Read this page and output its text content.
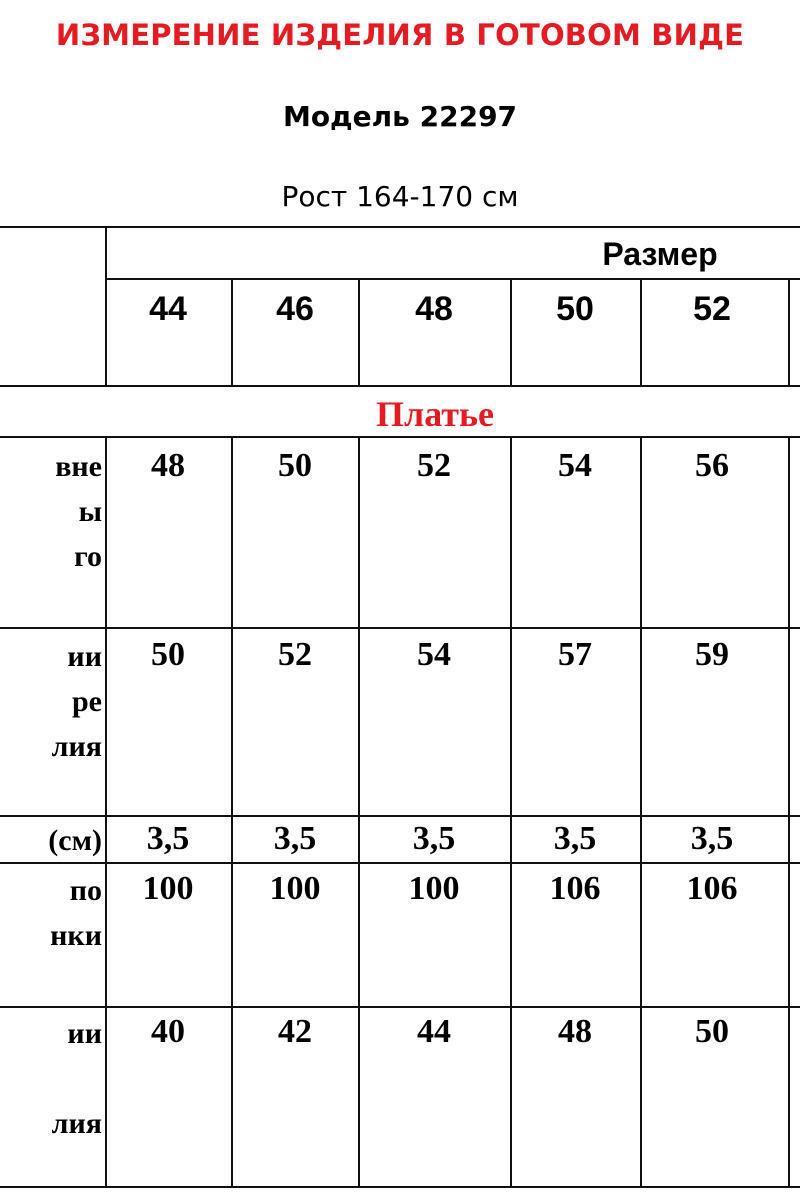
ИЗМЕРЕНИЕ ИЗДЕЛИЯ В ГОТОВОМ ВИДЕ
Модель 22297
Рост 164-170 см
Размер
44	46	48	50	52
Платье
вне
ы
го
48	50	52	54	56
ии
ре
лия
50	52	54	57	59
(см)	3,5	3,5	3,5	3,5	3,5
по
нки
100	100	100	106	106
ии

лия
40	42	44	48	50
